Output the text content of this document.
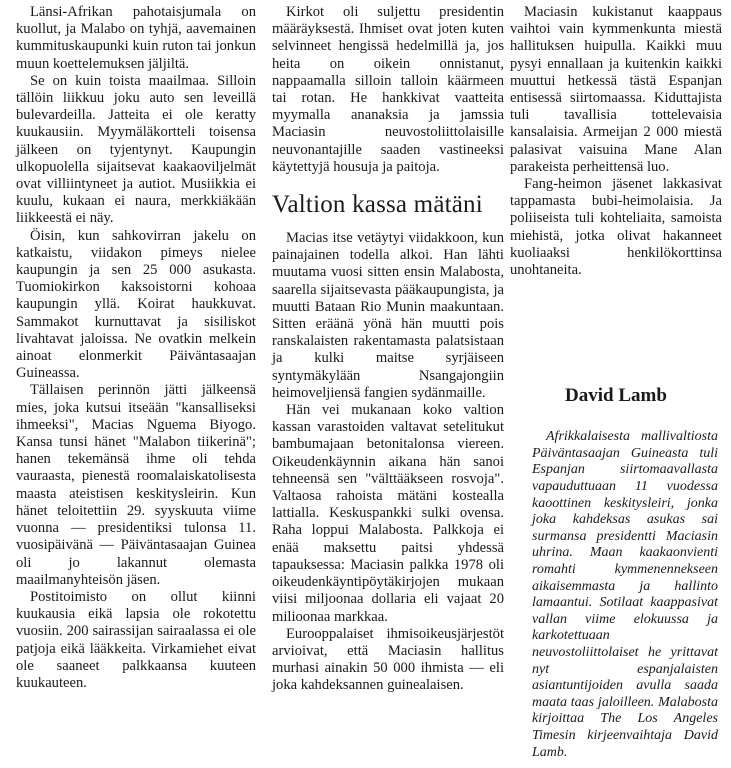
Länsi-Afrikan pahotaisjumala on kuollut, ja Malabo on tyhjä, aavemainen kummituskaupunki kuin ruton tai jonkun muun koettelemuksen jäljiltä.

Se on kuin toista maailmaa. Silloin tällöin liikkuu joku auto sen leveillä bulevardeilla. Jatteita ei ole keratty kuukausiin. Myymäläkortteli toisensa jälkeen on tyjentynyt. Kaupungin ulkopuolella sijaitsevat kaakaoviljelmät ovat villiintyneet ja autiot. Musiikkia ei kuulu, kukaan ei naura, merkkiäkään liikkeestä ei näy.

Öisin, kun sahkovirran jakelu on katkaistu, viidakon pimeys nielee kaupungin ja sen 25 000 asukasta. Tuomiokirkon kaksoistorni kohoaa kaupungin yllä. Koirat haukkuvat. Sammakot kurnuttavat ja sisiliskot livahtavat jaloissa. Ne ovatkin melkein ainoat elonmerkit Päiväntasaajan Guineassa.

Tällaisen perinnön jätti jälkeensä mies, joka kutsui itseään "kansalliseksi ihmeeksi", Macias Nguema Biyogo. Kansa tunsi hänet "Malabon tiikerinä"; hanen tekemänsä ihme oli tehda vauraasta, pienestä roomalaiskatolisesta maasta ateistisen keskitysleirin. Kun hänet teloitettiin 29. syyskuuta viime vuonna — presidentiksi tulonsa 11. vuosipäivänä — Päiväntasaajan Guinea oli jo lakannut olemasta maailmanyhteisön jäsen.

Postitoimisto on ollut kiinni kuukausia eikä lapsia ole rokotettu vuosiin. 200 sairassijan sairaalassa ei ole patjoja eikä lääkkeita. Virkamiehet eivat ole saaneet palkkaansa kuuteen kuukauteen.

Kirkot oli suljettu presidentin määräyksestä. Ihmiset ovat joten kuten selvinneet hengissä hedelmillä ja, jos heita on oikein onnistanut, nappaamalla silloin talloin käärmeen tai rotan. He hankkivat vaatteita myymalla ananaksia ja jamssia Maciasin neuvostoliittolaisille neuvonantajille saaden vastineeksi käytettyjä housuja ja paitoja.

Valtion kassa mätäni

Macias itse vetäytyi viidakkoon, kun painajainen todella alkoi. Han lähti muutama vuosi sitten ensin Malabosta, saarella sijaitsevasta pääkaupungista, ja muutti Bataan Rio Munin maakuntaan. Sitten eräänä yönä hän muutti pois ranskalaisten rakentamasta palatsistaan ja kulki maitse syrjäiseen syntymäkylään Nsangajongiin heimoveljiensä fangien sydänmaille.

Hän vei mukanaan koko valtion kassan varastoiden valtavat setelitukut bambumajaan betonitalonsa viereen. Oikeudenkäynnin aikana hän sanoi tehneensä sen "välttääkseen rosvoja". Valtaosa rahoista mätäni kostealla lattialla. Keskuspankki sulki ovensa. Raha loppui Malabosta. Palkkoja ei enää maksettu paitsi yhdessä tapauksessa: Maciasin palkka 1978 oli oikeudenkäyntipöytäkirjojen mukaan viisi miljoonaa dollaria eli vajaat 20 milioonaa markkaa.

Eurooppalaiset ihmisoikeusjärjestöt arvioivat, että Maciasin hallitus murhasi ainakin 50 000 ihmista — eli joka kahdeksannen guinealaisen.

Maciasin kukistanut kaappaus vaihtoi vain kymmenkunta miestä hallituksen huipulla. Kaikki muu pysyi ennallaan ja kuitenkin kaikki muuttui hetkessä tästä Espanjan entisessä siirtomaassa. Kiduttajista tuli tavallisia tottelevaisia kansalaisia. Armeijan 2 000 miestä palasivat vaisuina Mane Alan parakeista perheittensä luo.

Fang-heimon jäsenet lakkasivat tappamasta bubi-heimolaisia. Ja poliiseista tuli kohteliaita, samoista miehistä, jotka olivat hakanneet kuoliaaksi henkilökorttinsa unohtaneita.

David Lamb

Afrikkalaisesta mallivaltiosta Päiväntasaajan Guineasta tuli Espanjan siirtomaavallasta vapauduttuaan 11 vuodessa kaoottinen keskitysleiri, jonka joka kahdeksas asukas sai surmansa presidentti Maciasin uhrina. Maan kaakaonvienti romahti kymmenennekseen aikaisemmasta ja hallinto lamaantui. Sotilaat kaappasivat vallan viime elokuussa ja karkotettuaan neuvostoliittolaiset he yrittavat nyt espanjalaisten asiantuntijoiden avulla saada maata taas jaloilleen. Malabosta kirjoittaa The Los Angeles Timesin kirjeenvaihtaja David Lamb.
